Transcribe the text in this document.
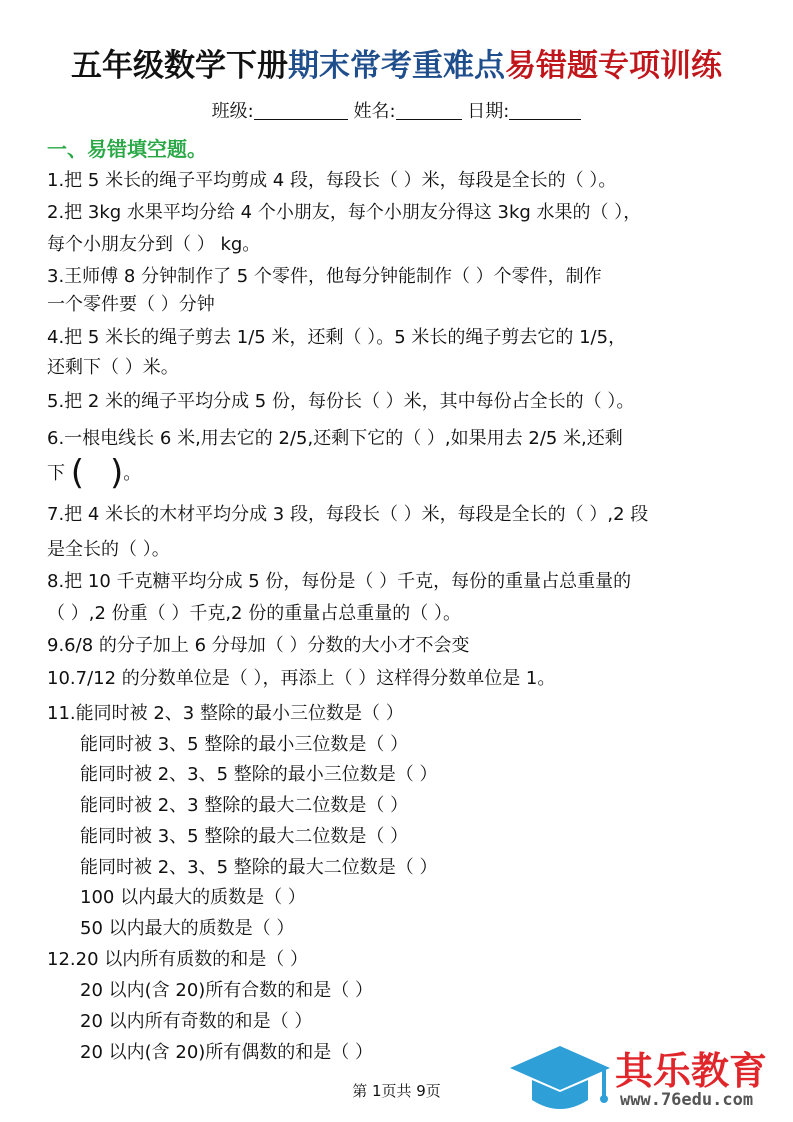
五年级数学下册期末常考重难点易错题专项训练
班级:	姓名:	日期:
一、易错填空题。
1.把 5 米长的绳子平均剪成 4 段，每段长（ ）米，每段是全长的（ ）。
2.把 3kg 水果平均分给 4 个小朋友，每个小朋友分得这 3kg 水果的（ ），
每个小朋友分到（ ） kg。
3.王师傅 8 分钟制作了 5 个零件，他每分钟能制作（ ）个零件，制作
一个零件要（ ）分钟
4.把 5 米长的绳子剪去 1/5 米，还剩（ ）。5 米长的绳子剪去它的 1/5，
还剩下（ ）米。
5.把 2 米的绳子平均分成 5 份，每份长（ ）米，其中每份占全长的（ ）。
6.一根电线长 6 米,用去它的 2/5,还剩下它的（ ）,如果用去 2/5 米,还剩
下 ( )。
7.把 4 米长的木材平均分成 3 段，每段长（ ）米，每段是全长的（ ）,2 段
是全长的（ ）。
8.把 10 千克糖平均分成 5 份，每份是（ ）千克，每份的重量占总重量的
（ ）,2 份重（ ）千克,2 份的重量占总重量的（ ）。
9.6/8 的分子加上 6 分母加（ ）分数的大小才不会变
10.7/12 的分数单位是（ ），再添上（ ）这样得分数单位是 1。
11.能同时被 2、3 整除的最小三位数是（ ）
能同时被 3、5 整除的最小三位数是（ ）
能同时被 2、3、5 整除的最小三位数是（ ）
能同时被 2、3 整除的最大二位数是（ ）
能同时被 3、5 整除的最大二位数是（ ）
能同时被 2、3、5 整除的最大二位数是（ ）
100 以内最大的质数是（ ）
50 以内最大的质数是（ ）
12.20 以内所有质数的和是（ ）
20 以内(含 20)所有合数的和是（ ）
20 以内所有奇数的和是（ ）
20 以内(含 20)所有偶数的和是（ ）
第 1页共 9页	其乐教育
www.76edu.com
